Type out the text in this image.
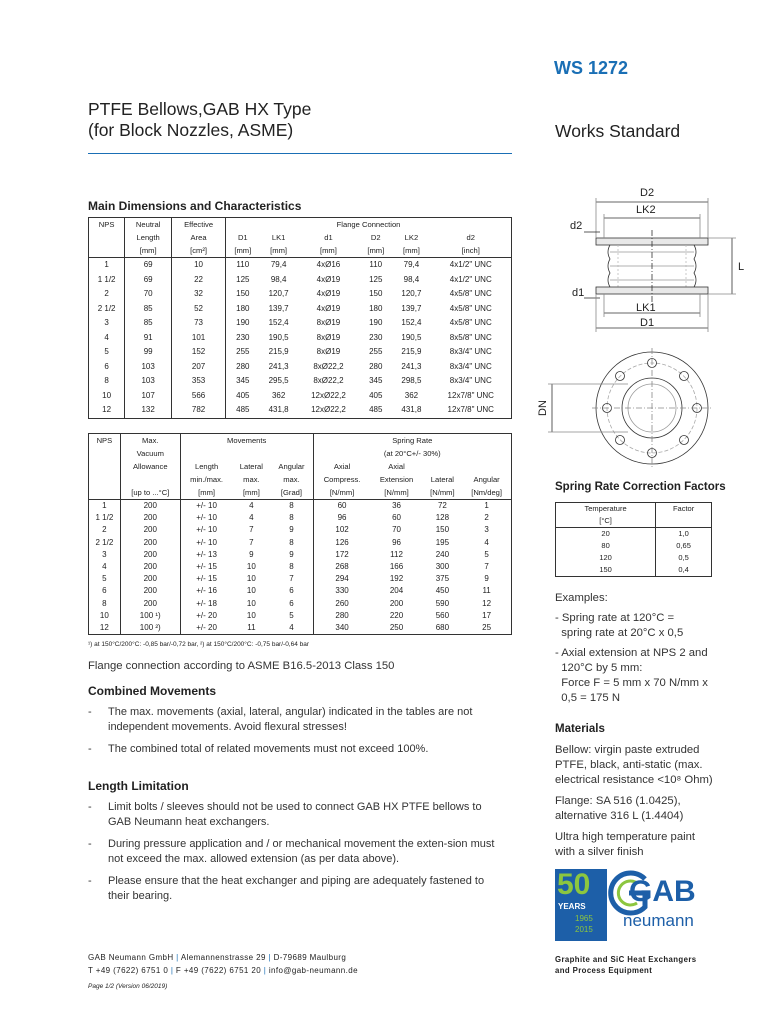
WS 1272
PTFE Bellows,GAB HX Type
(for Block Nozzles, ASME)	Works Standard
Main Dimensions and Characteristics
NPS	Neutral	Effective	Flange Connection					
	Length	Area	D1	LK1	d1	D2	LK2	d2
	[mm]	[cm²]	[mm]	[mm]	[mm]	[mm]	[mm]	[inch]
1	69	10	110	79,4	4xØ16	110	79,4	4x1/2" UNC
1 1/2	69	22	125	98,4	4xØ19	125	98,4	4x1/2" UNC
2	70	32	150	120,7	4xØ19	150	120,7	4x5/8" UNC
2 1/2	85	52	180	139,7	4xØ19	180	139,7	4x5/8" UNC
3	85	73	190	152,4	8xØ19	190	152,4	4x5/8" UNC
4	91	101	230	190,5	8xØ19	230	190,5	8x5/8" UNC
5	99	152	255	215,9	8xØ19	255	215,9	8x3/4" UNC
6	103	207	280	241,3	8xØ22,2	280	241,3	8x3/4" UNC
8	103	353	345	295,5	8xØ22,2	345	298,5	8x3/4" UNC
10	107	566	405	362	12xØ22,2	405	362	12x7/8" UNC
12	132	782	485	431,8	12xØ22,2	485	431,8	12x7/8" UNC
NPS	Max.	Movements			Spring Rate			
	Vacuum				(at 20°C+/- 30%)			
	Allowance	Length	Lateral	Angular	Axial	Axial		
		min./max.	max.	max.	Compress.	Extension	Lateral	Angular
	[up to ...°C]	[mm]	[mm]	[Grad]	[N/mm]	[N/mm]	[N/mm]	[Nm/deg]
1	200	+/- 10	4	8	60	36	72	1
1 1/2	200	+/- 10	4	8	96	60	128	2
2	200	+/- 10	7	9	102	70	150	3
2 1/2	200	+/- 10	7	8	126	96	195	4
3	200	+/- 13	9	9	172	112	240	5
4	200	+/- 15	10	8	268	166	300	7
5	200	+/- 15	10	7	294	192	375	9
6	200	+/- 16	10	6	330	204	450	11
8	200	+/- 18	10	6	260	200	590	12
10	100 ¹)	+/- 20	10	5	280	220	560	17
12	100 ²)	+/- 20	11	4	340	250	680	25
¹) at 150°C/200°C: -0,85 bar/-0,72 bar, ²) at 150°C/200°C: -0,75 bar/-0,64 bar
Flange connection according to ASME B16.5-2013 Class 150
Combined Movements
- The max. movements (axial, lateral, angular) indicated in the tables are not independent movements. Avoid flexural stresses!
- The combined total of related movements must not exceed 100%.
Length Limitation
- Limit bolts / sleeves should not be used to connect GAB HX PTFE bellows to GAB Neumann heat exchangers.
- During pressure application and / or mechanical movement the exten-sion must not exceed the max. allowed extension (as per data above).
- Please ensure that the heat exchanger and piping are adequately fastened to their bearing.
D2
LK2
d2
L
d1
LK1
D1
DN
Spring Rate Correction Factors
Temperature	Factor
[°C]	
20	1,0
80	0,65
120	0,5
150	0,4
Examples:
- Spring rate at 120°C =
spring rate at 20°C x 0,5
- Axial extension at NPS 2 and
120°C by 5 mm:
Force F = 5 mm x 70 N/mm x
0,5 = 175 N
Materials
Bellow: virgin paste extruded
PTFE, black, anti-static (max.
electrical resistance <10⁸ Ohm)
Flange: SA 516 (1.0425),
alternative 316 L (1.4404)
Ultra high temperature paint
with a silver finish
50
YEARS
1965
2015
GAB
neumann
GAB Neumann GmbH | Alemannenstrasse 29 | D-79689 Maulburg
T +49 (7622) 6751 0 | F +49 (7622) 6751 20 | info@gab-neumann.de
Graphite and SiC Heat Exchangers
and Process Equipment
Page 1/2 (Version 06/2019)
